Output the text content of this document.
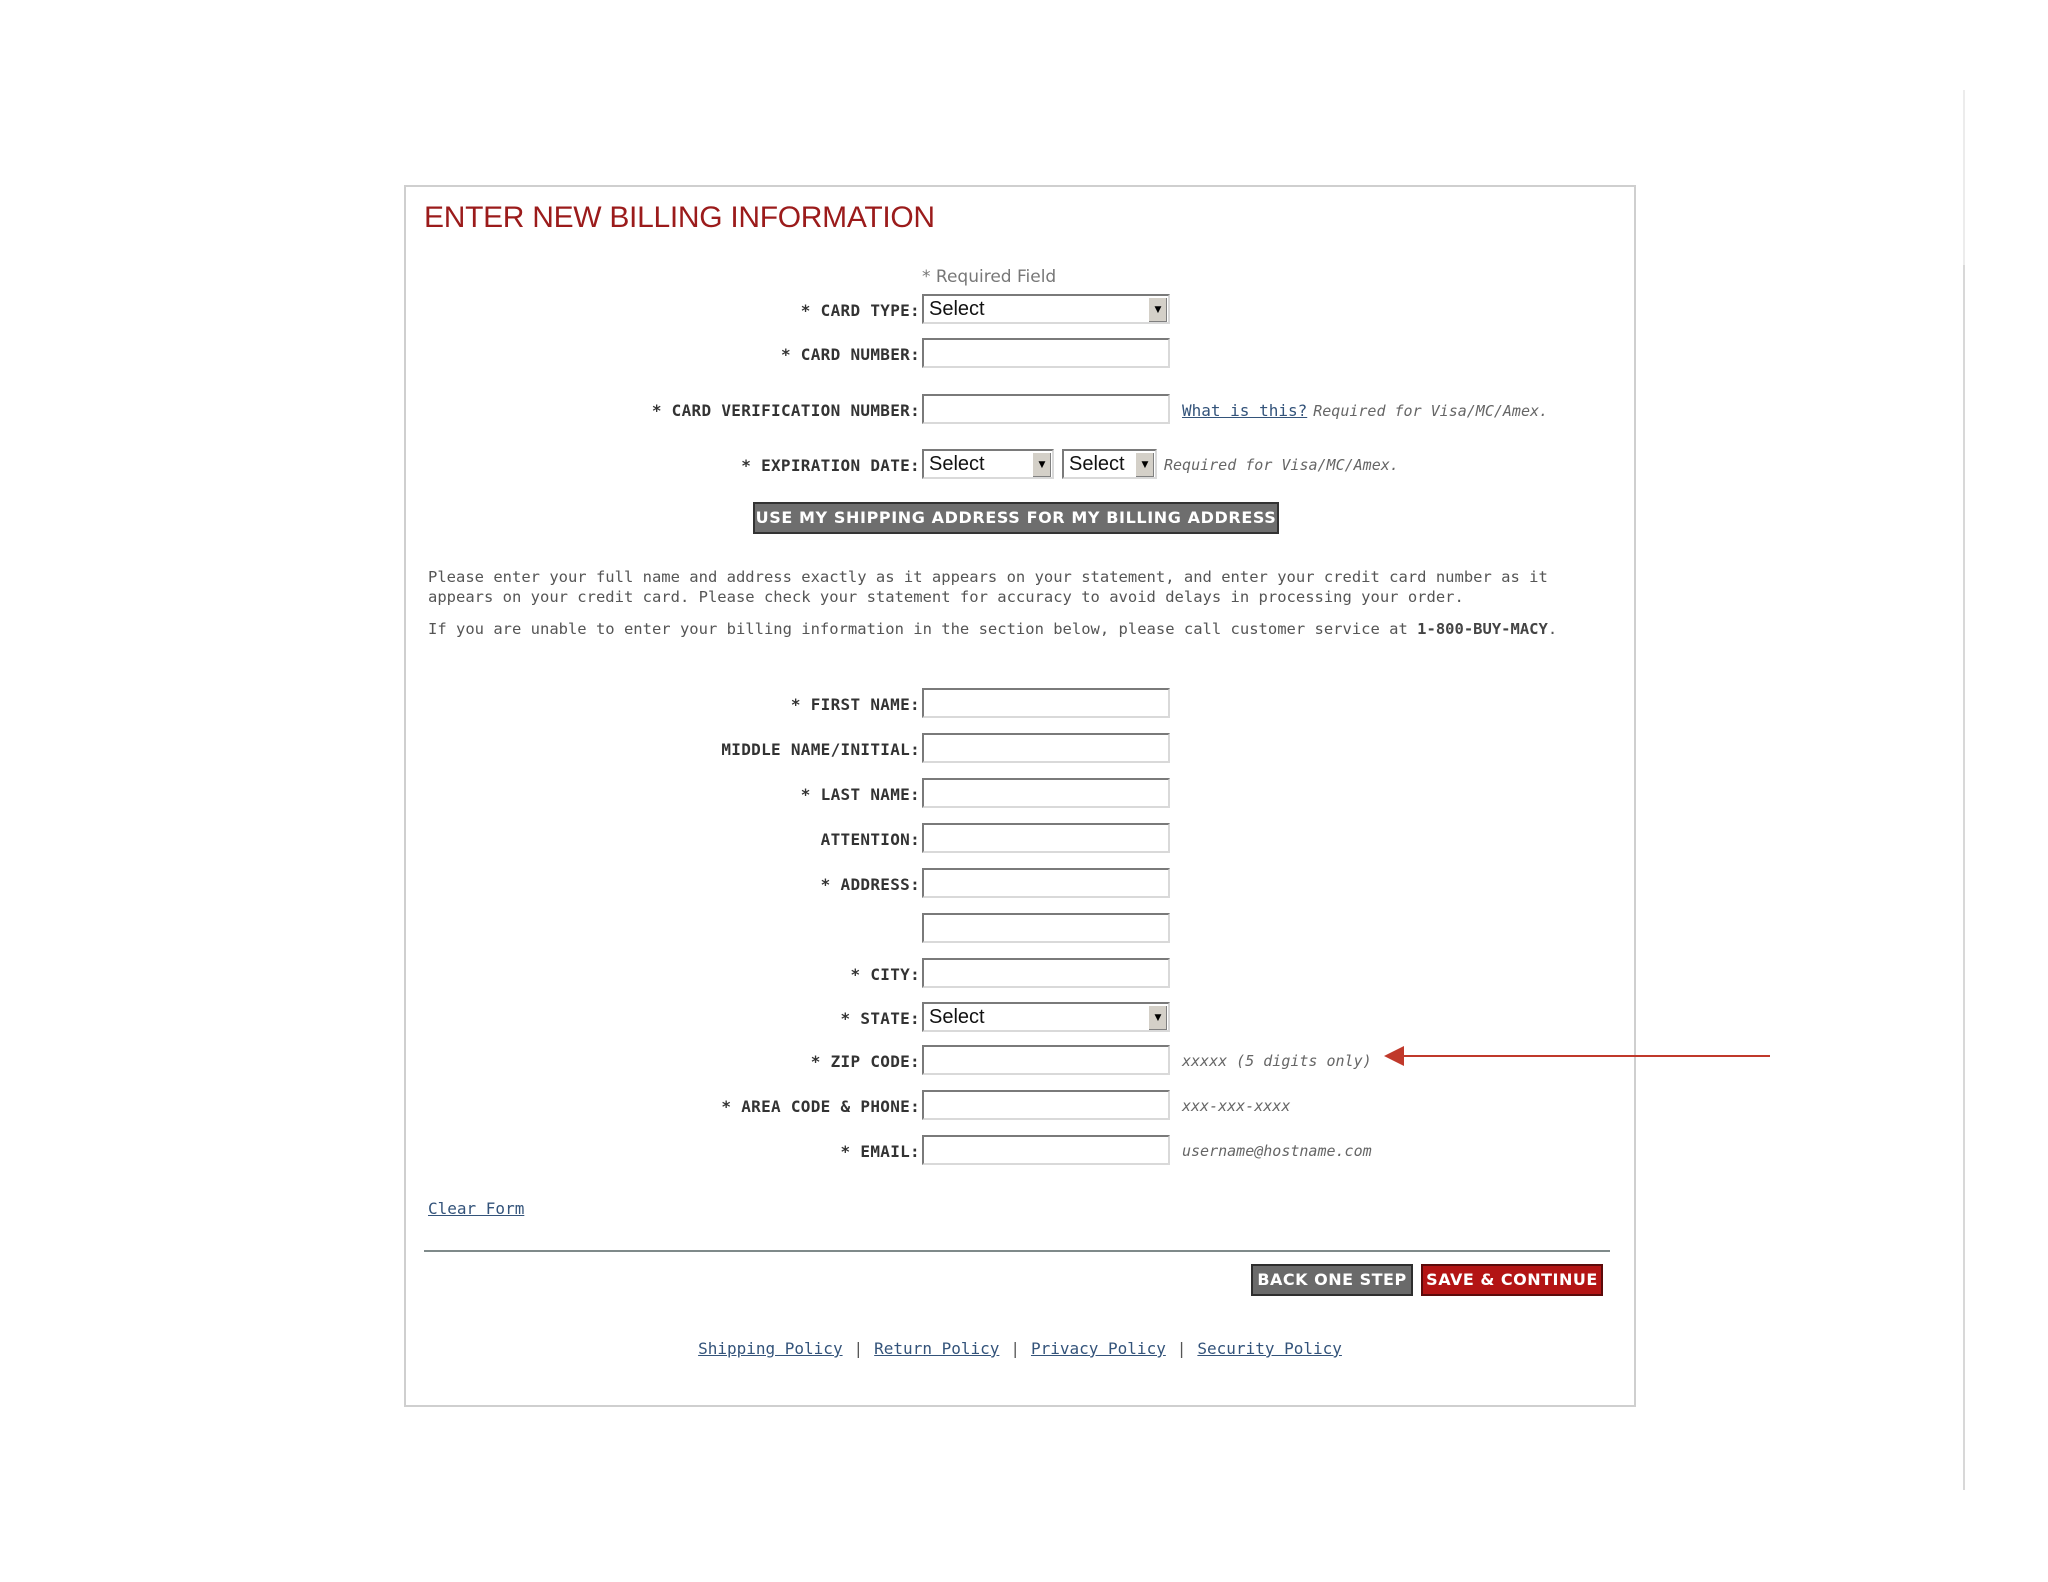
ENTER NEW BILLING INFORMATION
* Required Field
* CARD TYPE: Select	▼
* CARD NUMBER:
* CARD VERIFICATION NUMBER:	What is this? Required for Visa/MC/Amex.
* EXPIRATION DATE: Select	▼ Select	▼	Required for Visa/MC/Amex.
USE MY SHIPPING ADDRESS FOR MY BILLING ADDRESS
Please enter your full name and address exactly as it appears on your statement, and enter your credit card number as it appears on your credit card. Please check your statement for accuracy to avoid delays in processing your order.
If you are unable to enter your billing information in the section below, please call customer service at 1-800-BUY-MACY.
* FIRST NAME:
MIDDLE NAME/INITIAL:
* LAST NAME:
ATTENTION:
* ADDRESS:
* CITY:
* STATE: Select	▼
* ZIP CODE:	xxxxx (5 digits only)
* AREA CODE & PHONE:	xxx-xxx-xxxx
* EMAIL:	username@hostname.com
Clear Form
BACK ONE STEP	SAVE & CONTINUE
Shipping Policy | Return Policy | Privacy Policy | Security Policy
